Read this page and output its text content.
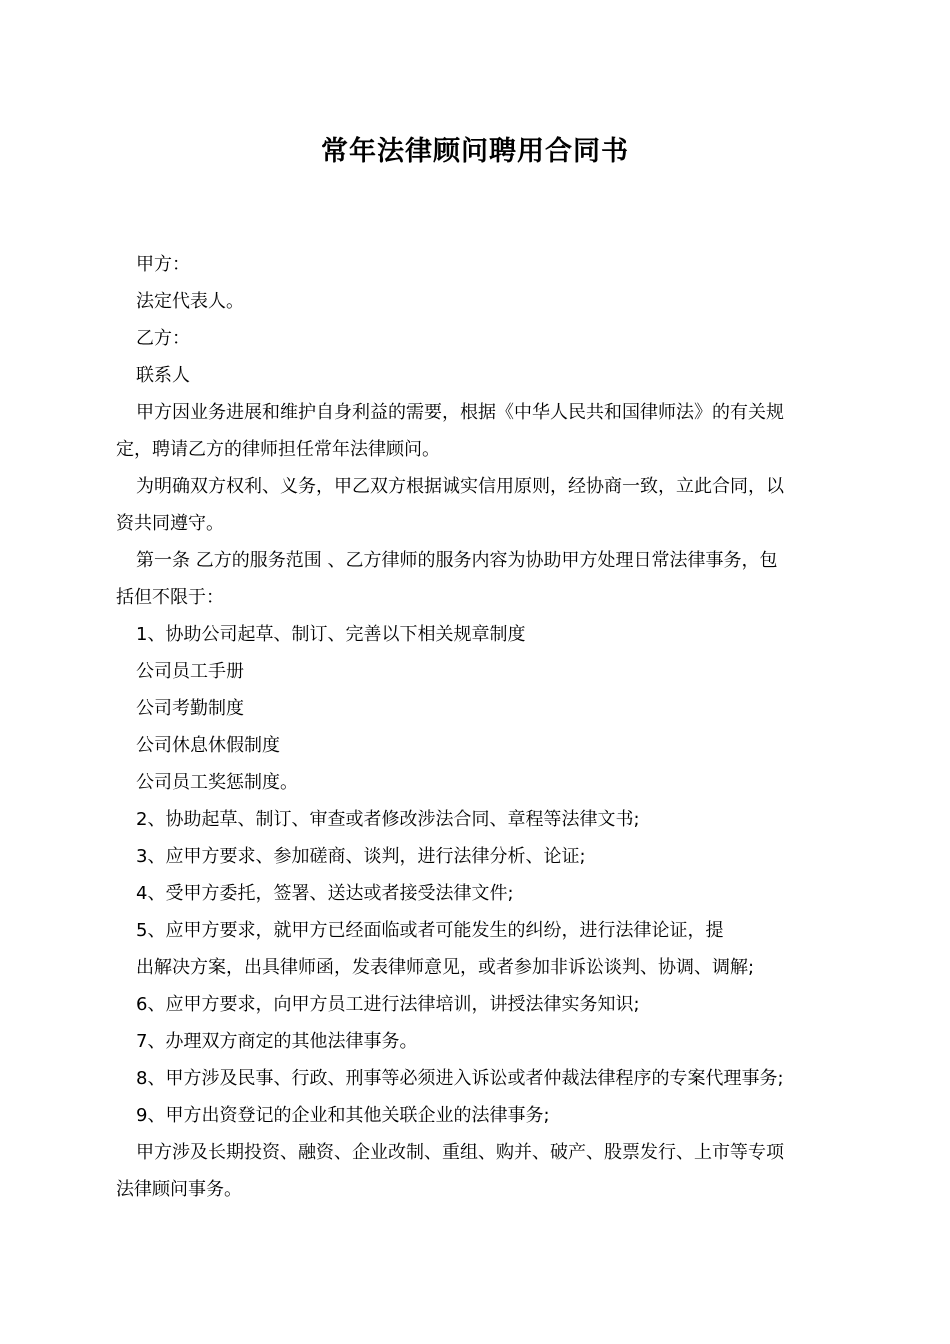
常年法律顾问聘用合同书
甲方：
法定代表人。
乙方：
联系人
甲方因业务进展和维护自身利益的需要，根据《中华人民共和国律师法》的有关规
定，聘请乙方的律师担任常年法律顾问。
为明确双方权利、义务，甲乙双方根据诚实信用原则，经协商一致，立此合同，以
资共同遵守。
第一条 乙方的服务范围 、乙方律师的服务内容为协助甲方处理日常法律事务，包
括但不限于：
1、协助公司起草、制订、完善以下相关规章制度
公司员工手册
公司考勤制度
公司休息休假制度
公司员工奖惩制度。
2、协助起草、制订、审查或者修改涉法合同、章程等法律文书;
3、应甲方要求、参加磋商、谈判，进行法律分析、论证;
4、受甲方委托，签署、送达或者接受法律文件;
5、应甲方要求，就甲方已经面临或者可能发生的纠纷，进行法律论证，提
出解决方案，出具律师函，发表律师意见，或者参加非诉讼谈判、协调、调解;
6、应甲方要求，向甲方员工进行法律培训，讲授法律实务知识;
7、办理双方商定的其他法律事务。
8、甲方涉及民事、行政、刑事等必须进入诉讼或者仲裁法律程序的专案代理事务;
9、甲方出资登记的企业和其他关联企业的法律事务;
甲方涉及长期投资、融资、企业改制、重组、购并、破产、股票发行、上市等专项
法律顾问事务。
